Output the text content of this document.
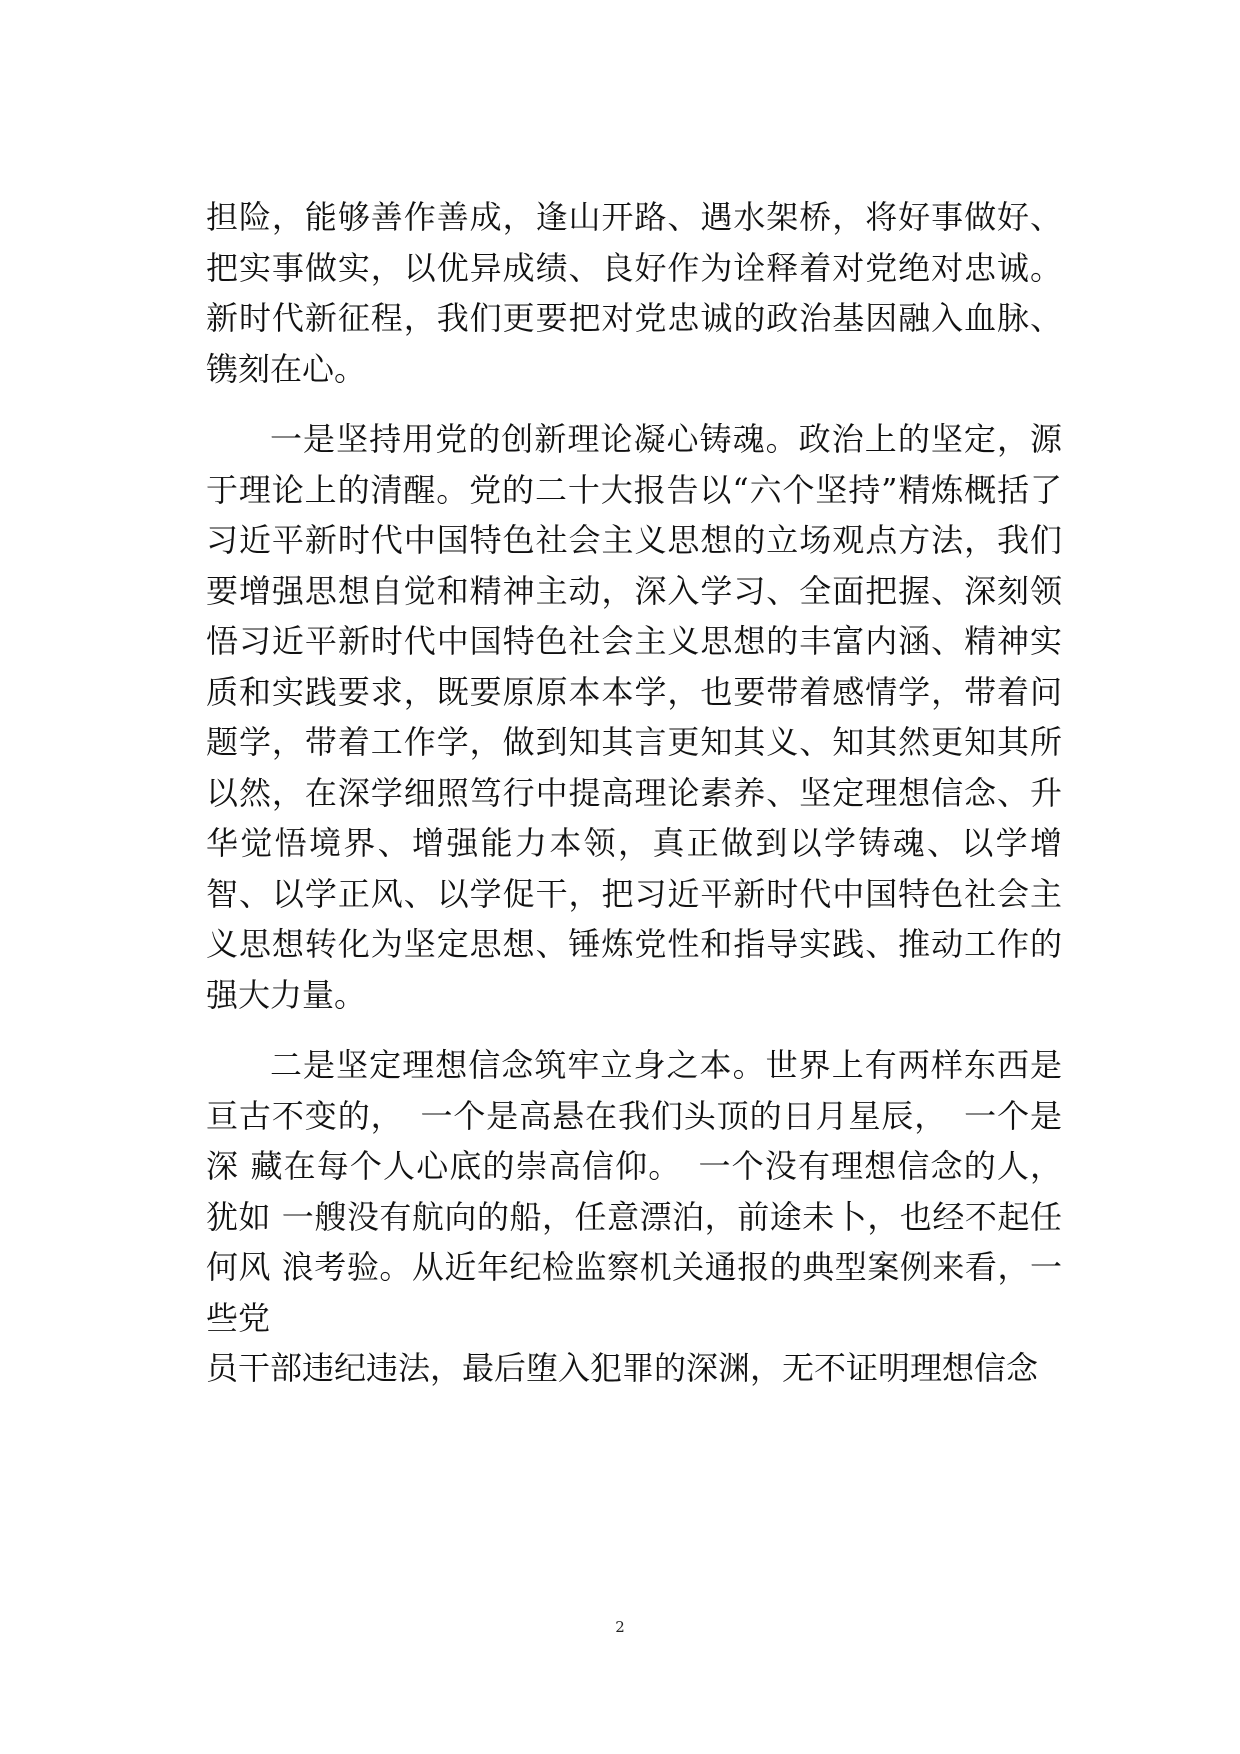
担险，能够善作善成，逢山开路、遇水架桥，将好事做好、把实事做实，以优异成绩、良好作为诠释着对党绝对忠诚。新时代新征程，我们更要把对党忠诚的政治基因融入血脉、镌刻在心。

一是坚持用党的创新理论凝心铸魂。政治上的坚定，源于理论上的清醒。党的二十大报告以“六个坚持”精炼概括了习近平新时代中国特色社会主义思想的立场观点方法，我们要增强思想自觉和精神主动，深入学习、全面把握、深刻领悟习近平新时代中国特色社会主义思想的丰富内涵、精神实质和实践要求，既要原原本本学，也要带着感情学，带着问题学，带着工作学，做到知其言更知其义、知其然更知其所以然，在深学细照笃行中提高理论素养、坚定理想信念、升华觉悟境界、增强能力本领，真正做到以学铸魂、以学增智、以学正风、以学促干，把习近平新时代中国特色社会主义思想转化为坚定思想、锤炼党性和指导实践、推动工作的强大力量。

二是坚定理想信念筑牢立身之本。世界上有两样东西是亘古不变的，　一个是高悬在我们头顶的日月星辰，　一个是深 藏在每个人心底的崇高信仰。　一个没有理想信念的人，犹如 一艘没有航向的船，任意漂泊，前途未卜，也经不起任何风 浪考验。从近年纪检监察机关通报的典型案例来看，一些党

员干部违纪违法，最后堕入犯罪的深渊，无不证明理想信念

2
